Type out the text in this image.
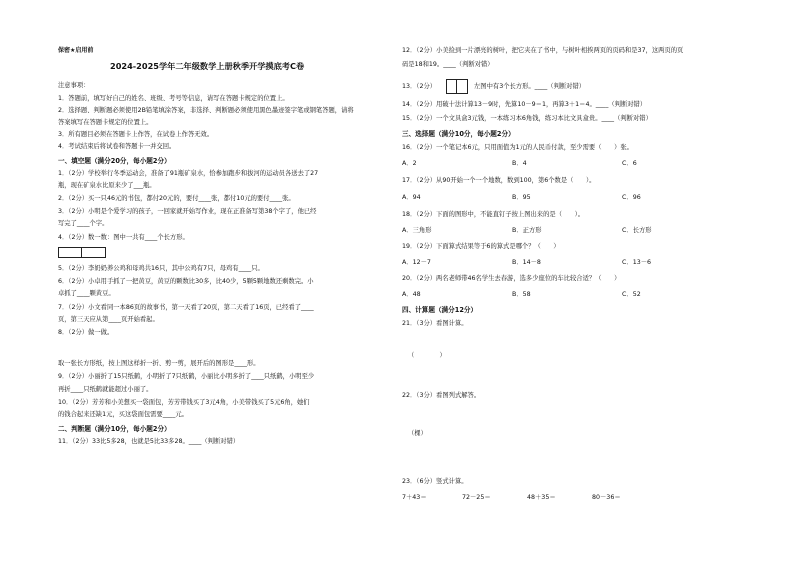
保密★启用前
2024-2025学年二年级数学上册秋季开学摸底考C卷
注意事项：
1．答题前，填写好自己的姓名、班级、考号等信息，请写在答题卡规定的位置上。
2．选择题、判断题必须使用2B铅笔填涂答案，非选择、判断题必须使用黑色墨迹签字笔或钢笔答题，请将
答案填写在答题卡规定的位置上。
3．所有题目必须在答题卡上作答，在试卷上作答无效。
4．考试结束后将试卷和答题卡一并交回。
一、填空题（满分20分，每小题2分）
1．（2分）学校举行冬季运动会，准备了91瓶矿泉水，恰参加跑步和拔河的运动员各送去了27
瓶，现在矿泉水比原来少了___瓶。
2．（2分）买一只46元的书包，都付20元的，要付____张，都付10元的要付____张。
3．（2分）小明是个爱学习的孩子，一回家就开始写作业，现在正准备写第38个字了，他已经
写完了____个字。
4．（2分）数一数：图中一共有____个长方形。
5．（2分）李奶奶养公鸡和母鸡共16只，其中公鸡有7只，母鸡有____只。
6．（2分）小卓用手抓了一把黄豆，黄豆的颗数比30多，比40少，5颗5颗地数还剩数完。小
卓抓了____颗黄豆。
7．（2分）小文看同一本86页的故事书，第一天看了20页，第二天看了16页，已经看了____
页，第三天应从第____页开始看起。
8．（2分）做一做。
取一张长方形纸，按上图这样折一折、剪一剪，展开后的图形是____形。
9．（2分）小丽折了15只纸鹤，小明折了7只纸鹤，小丽比小明多折了____只纸鹤，小明至少
再折____只纸鹤就能超过小丽了。
10．（2分）芳芳和小美想买一袋面包，芳芳带钱买了3元4角，小美带钱买了5元6角，她们
的钱合起来还缺1元，买这袋面包需要____元。
二、判断题（满分10分，每小题2分）
11．（2分）33比5多28，也就是5比33多28。____（判断对错）
12．（2分）小美捡到一片漂亮的树叶，把它夹在了书中，与树叶相挨两页的页码和是37，这两页的页
码是18和19。____（判断对错）
13．（2分）	左图中有3个长方形。____（判断对错）
14．（2分）用破十法计算13－9时，先算10－9＝1，再算3＋1＝4。____（判断对错）
15．（2分）一个文具盒3元钱，一本练习本6角钱，练习本比文具盒贵。____（判断对错）
三、选择题（满分10分，每小题2分）
16．（2分）一个笔记本6元，只用面值为1元的人民币付款，至少需要（　　）张。
A．2	B．4	C．6
17．（2分）从90开始一个一个地数，数到100，第6个数是（　　）。
A．94	B．95	C．96
18．（2分）下面的图形中，不能直钉子按上图出来的是（　　）。
A．三角形	B．正方形	C．长方形
19．（2分）下面算式结果等于6的算式是哪个？（　　）
A．12－7	B．14－8	C．13－6
20．（2分）两名老师带46名学生去春游，选多少座位的车比较合适？（　　）
A．48	B．58	C．52
四、计算题（满分12分）
21．（3分）看图计算。
（　　　　）
22．（3分）看图列式解答。
（棵）
23．（6分）竖式计算。
7＋43＝	72－25＝	48＋35＝	80－36＝
